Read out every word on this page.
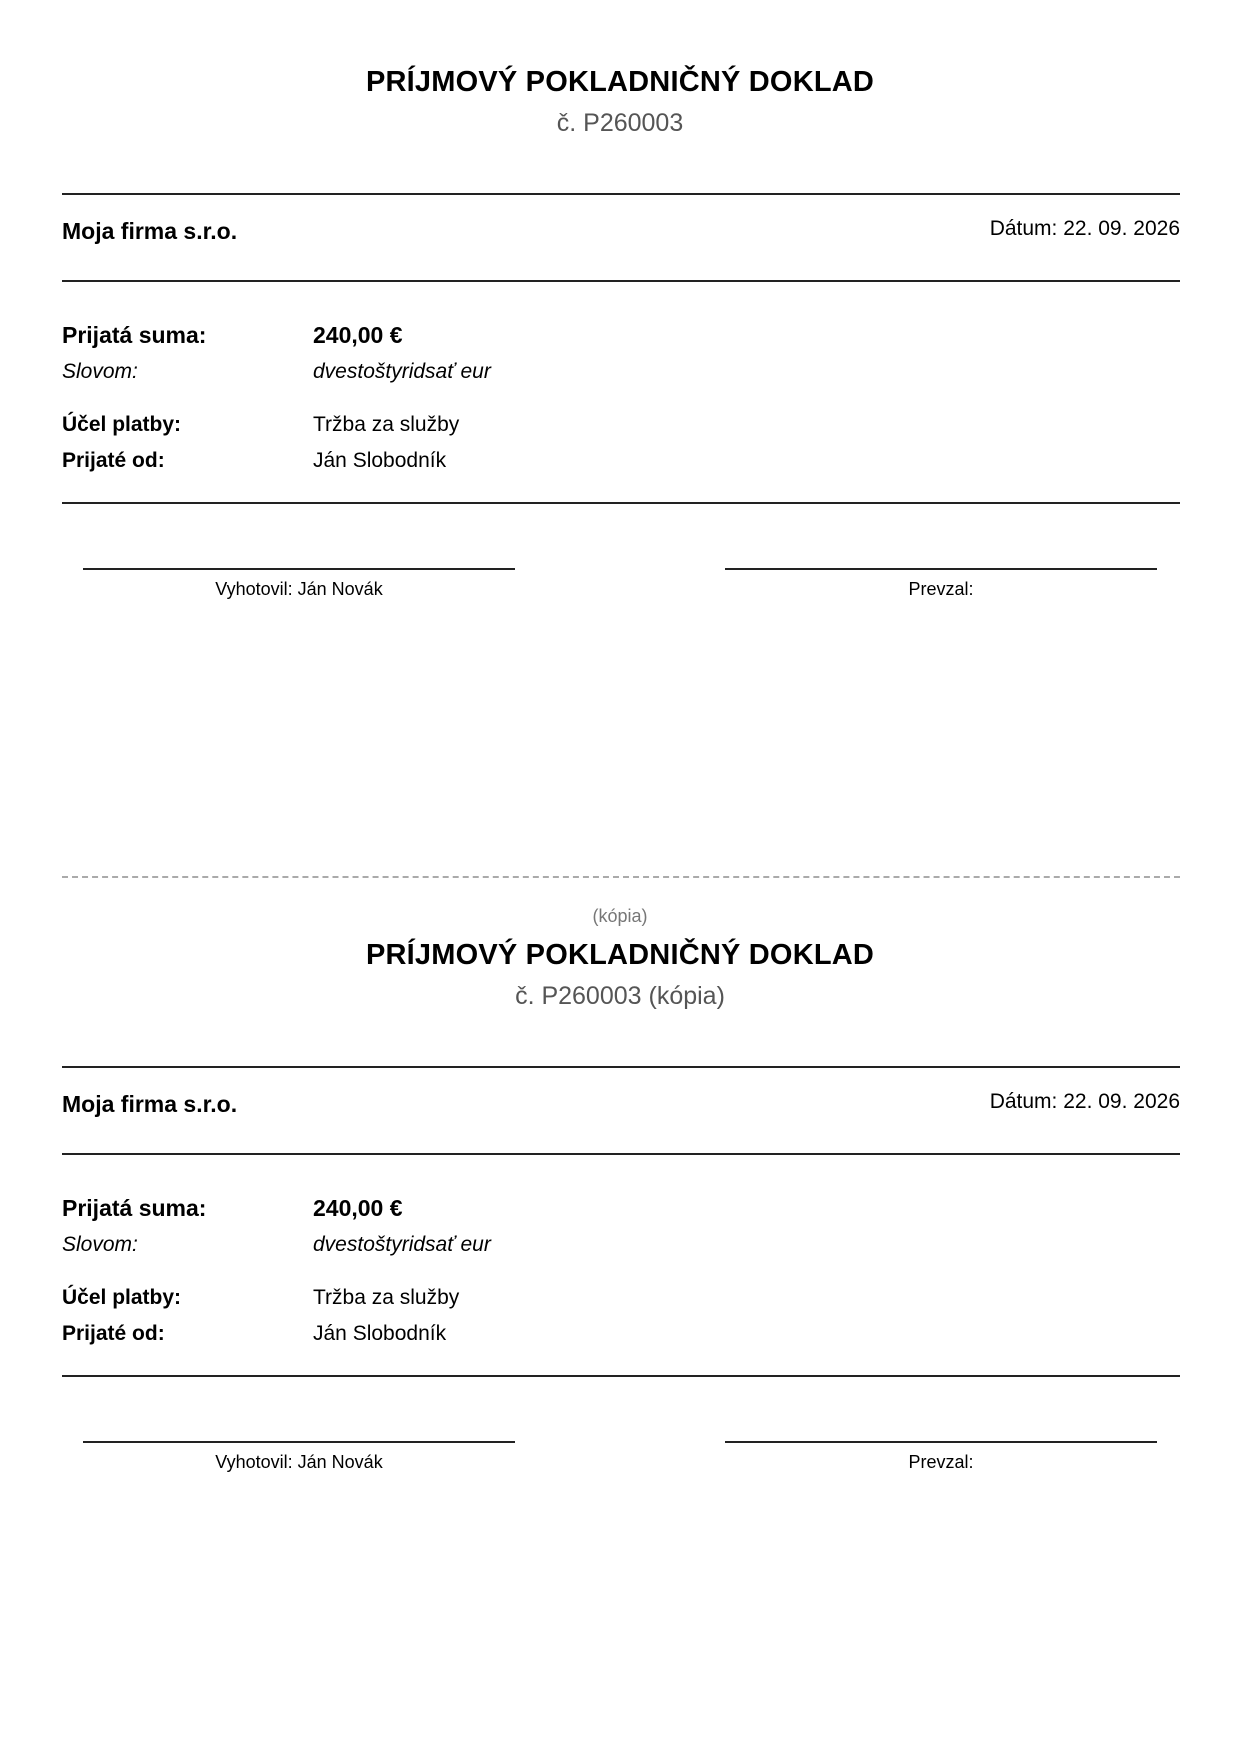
PRÍJMOVÝ POKLADNIČNÝ DOKLAD
č. P260003
Moja firma s.r.o.	Dátum: 22. 09. 2026
Prijatá suma:	240,00 €
Slovom:	dvestoštyridsať eur
Účel platby:	Tržba za služby
Prijaté od:	Ján Slobodník
Vyhotovil: Ján Novák	Prevzal:
(kópia)
PRÍJMOVÝ POKLADNIČNÝ DOKLAD
č. P260003 (kópia)
Moja firma s.r.o.	Dátum: 22. 09. 2026
Prijatá suma:	240,00 €
Slovom:	dvestoštyridsať eur
Účel platby:	Tržba za služby
Prijaté od:	Ján Slobodník
Vyhotovil: Ján Novák	Prevzal:
